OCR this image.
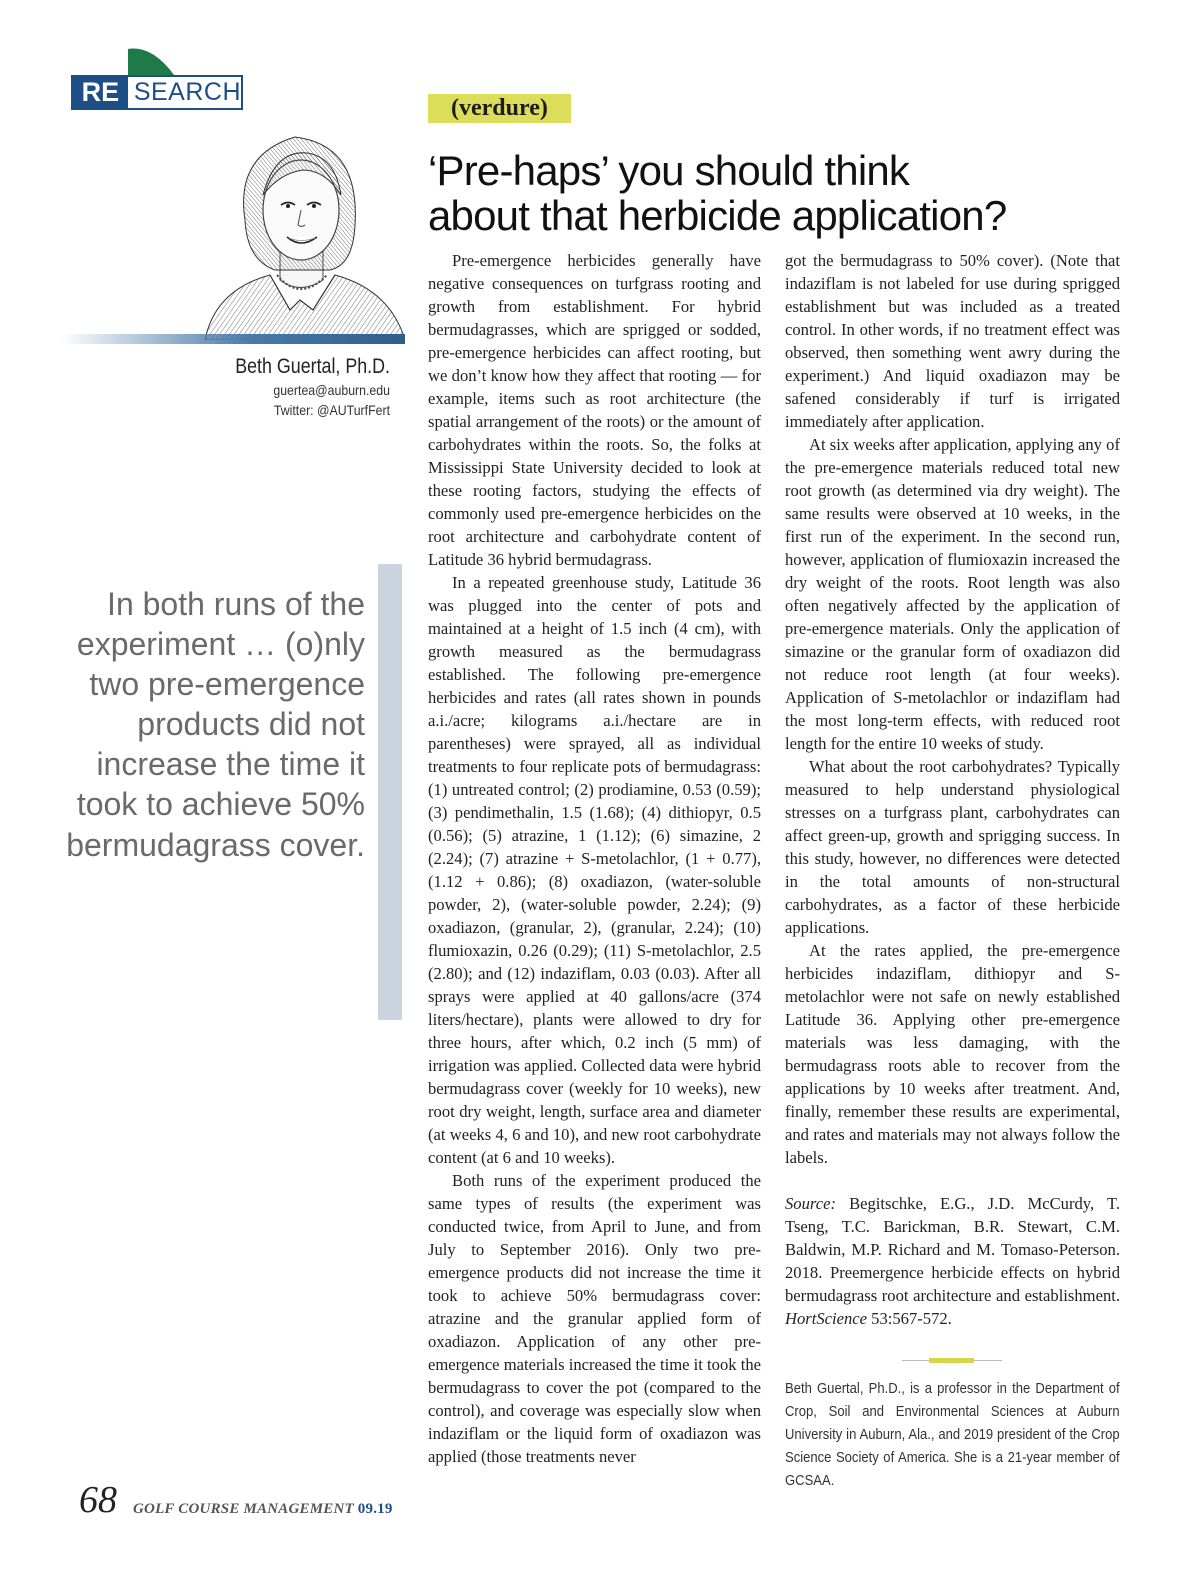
RE SEARCH
Beth Guertal, Ph.D.
guertea@auburn.edu
Twitter: @AUTurfFert
In both runs of the experiment … (o)nly two pre-emergence products did not increase the time it took to achieve 50% bermudagrass cover.
(verdure)
‘Pre-haps’ you should think
about that herbicide application?

Pre-emergence herbicides generally have negative consequences on turfgrass rooting and growth from establishment. For hybrid bermudagrasses, which are sprigged or sodded, pre-emergence herbicides can affect rooting, but we don’t know how they affect that rooting — for example, items such as root architecture (the spatial arrangement of the roots) or the amount of carbohydrates within the roots. So, the folks at Mississippi State University decided to look at these rooting factors, studying the effects of commonly used pre-emergence herbicides on the root architecture and carbohydrate content of Latitude 36 hybrid bermudagrass.

In a repeated greenhouse study, Latitude 36 was plugged into the center of pots and maintained at a height of 1.5 inch (4 cm), with growth measured as the bermudagrass established. The following pre-emergence herbicides and rates (all rates shown in pounds a.i./acre; kilograms a.i./hectare are in parentheses) were sprayed, all as individual treatments to four replicate pots of bermudagrass: (1) untreated control; (2) prodiamine, 0.53 (0.59); (3) pendimethalin, 1.5 (1.68); (4) dithiopyr, 0.5 (0.56); (5) atrazine, 1 (1.12); (6) simazine, 2 (2.24); (7) atrazine + S-metolachlor, (1 + 0.77), (1.12 + 0.86); (8) oxadiazon, (water-soluble powder, 2), (water-soluble powder, 2.24); (9) oxadiazon, (granular, 2), (granular, 2.24); (10) flumioxazin, 0.26 (0.29); (11) S-metolachlor, 2.5 (2.80); and (12) indaziflam, 0.03 (0.03). After all sprays were applied at 40 gallons/acre (374 liters/hectare), plants were allowed to dry for three hours, after which, 0.2 inch (5 mm) of irrigation was applied. Collected data were hybrid bermudagrass cover (weekly for 10 weeks), new root dry weight, length, surface area and diameter (at weeks 4, 6 and 10), and new root carbohydrate content (at 6 and 10 weeks).

Both runs of the experiment produced the same types of results (the experiment was conducted twice, from April to June, and from July to September 2016). Only two pre-emergence products did not increase the time it took to achieve 50% bermudagrass cover: atrazine and the granular applied form of oxadiazon. Application of any other pre-emergence materials increased the time it took the bermudagrass to cover the pot (compared to the control), and coverage was especially slow when indaziflam or the liquid form of oxadiazon was applied (those treatments never

got the bermudagrass to 50% cover). (Note that indaziflam is not labeled for use during sprigged establishment but was included as a treated control. In other words, if no treatment effect was observed, then something went awry during the experiment.) And liquid oxadiazon may be safened considerably if turf is irrigated immediately after application.

At six weeks after application, applying any of the pre-emergence materials reduced total new root growth (as determined via dry weight). The same results were observed at 10 weeks, in the first run of the experiment. In the second run, however, application of flumioxazin increased the dry weight of the roots. Root length was also often negatively affected by the application of pre-emergence materials. Only the application of simazine or the granular form of oxadiazon did not reduce root length (at four weeks). Application of S-metolachlor or indaziflam had the most long-term effects, with reduced root length for the entire 10 weeks of study.

What about the root carbohydrates? Typically measured to help understand physiological stresses on a turfgrass plant, carbohydrates can affect green-up, growth and sprigging success. In this study, however, no differences were detected in the total amounts of non-structural carbohydrates, as a factor of these herbicide applications.

At the rates applied, the pre-emergence herbicides indaziflam, dithiopyr and S-metolachlor were not safe on newly established Latitude 36. Applying other pre-emergence materials was less damaging, with the bermudagrass roots able to recover from the applications by 10 weeks after treatment. And, finally, remember these results are experimental, and rates and materials may not always follow the labels.

Source: Begitschke, E.G., J.D. McCurdy, T. Tseng, T.C. Barickman, B.R. Stewart, C.M. Baldwin, M.P. Richard and M. Tomaso-Peterson. 2018. Preemergence herbicide effects on hybrid bermudagrass root architecture and establishment. HortScience 53:567-572.

Beth Guertal, Ph.D., is a professor in the Department of Crop, Soil and Environmental Sciences at Auburn University in Auburn, Ala., and 2019 president of the Crop Science Society of America. She is a 21-year member of GCSAA.
68 GOLF COURSE MANAGEMENT 09.19
